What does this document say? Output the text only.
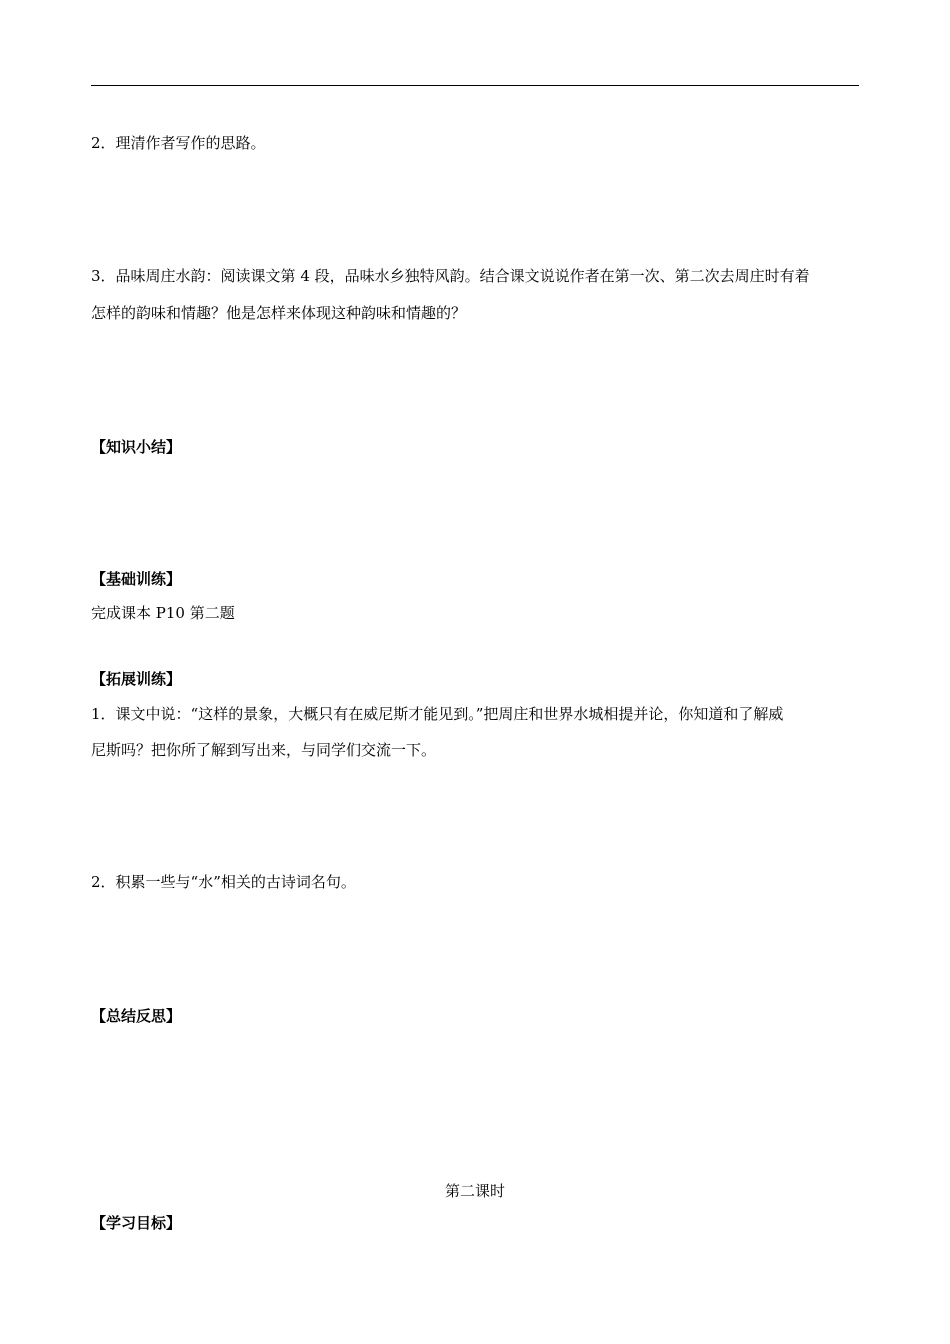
2．理清作者写作的思路。
3．品味周庄水韵：阅读课文第 4 段，品味水乡独特风韵。结合课文说说作者在第一次、第二次去周庄时有着
怎样的韵味和情趣？他是怎样来体现这种韵味和情趣的？
【知识小结】
【基础训练】
完成课本 P10 第二题
【拓展训练】
1．课文中说：“这样的景象，大概只有在威尼斯才能见到。”把周庄和世界水城相提并论，你知道和了解威
尼斯吗？把你所了解到写出来，与同学们交流一下。
2．积累一些与“水”相关的古诗词名句。
【总结反思】
第二课时
【学习目标】
